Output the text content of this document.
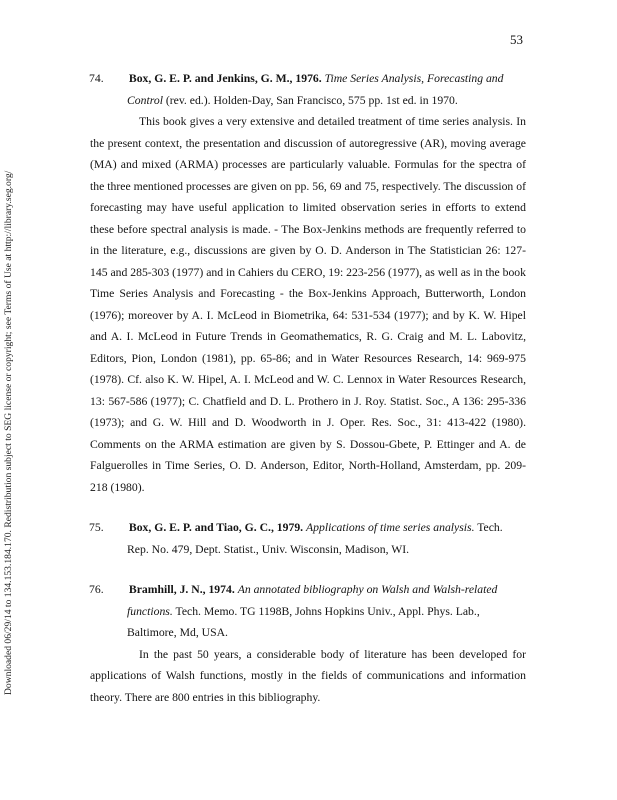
53
Downloaded 06/29/14 to 134.153.184.170. Redistribution subject to SEG license or copyright; see Terms of Use at http://library.seg.org/

74. Box, G. E. P. and Jenkins, G. M., 1976. Time Series Analysis, Forecasting and Control (rev. ed.). Holden-Day, San Francisco, 575 pp. 1st ed. in 1970.

This book gives a very extensive and detailed treatment of time series analysis. In the present context, the presentation and discussion of autoregressive (AR), moving average (MA) and mixed (ARMA) processes are particularly valuable. Formulas for the spectra of the three mentioned processes are given on pp. 56, 69 and 75, respectively. The discussion of forecasting may have useful application to limited observation series in efforts to extend these before spectral analysis is made. - The Box-Jenkins methods are frequently referred to in the literature, e.g., discussions are given by O. D. Anderson in The Statistician 26: 127-145 and 285-303 (1977) and in Cahiers du CERO, 19: 223-256 (1977), as well as in the book Time Series Analysis and Forecasting - the Box-Jenkins Approach, Butterworth, London (1976); moreover by A. I. McLeod in Biometrika, 64: 531-534 (1977); and by K. W. Hipel and A. I. McLeod in Future Trends in Geomathematics, R. G. Craig and M. L. Labovitz, Editors, Pion, London (1981), pp. 65-86; and in Water Resources Research, 14: 969-975 (1978). Cf. also K. W. Hipel, A. I. McLeod and W. C. Lennox in Water Resources Research, 13: 567-586 (1977); C. Chatfield and D. L. Prothero in J. Roy. Statist. Soc., A 136: 295-336 (1973); and G. W. Hill and D. Woodworth in J. Oper. Res. Soc., 31: 413-422 (1980). Comments on the ARMA estimation are given by S. Dossou-Gbete, P. Ettinger and A. de Falguerolles in Time Series, O. D. Anderson, Editor, North-Holland, Amsterdam, pp. 209-218 (1980).

75. Box, G. E. P. and Tiao, G. C., 1979. Applications of time series analysis. Tech. Rep. No. 479, Dept. Statist., Univ. Wisconsin, Madison, WI.

76. Bramhill, J. N., 1974. An annotated bibliography on Walsh and Walsh-related functions. Tech. Memo. TG 1198B, Johns Hopkins Univ., Appl. Phys. Lab., Baltimore, Md, USA.

In the past 50 years, a considerable body of literature has been developed for applications of Walsh functions, mostly in the fields of communications and information theory. There are 800 entries in this bibliography.
